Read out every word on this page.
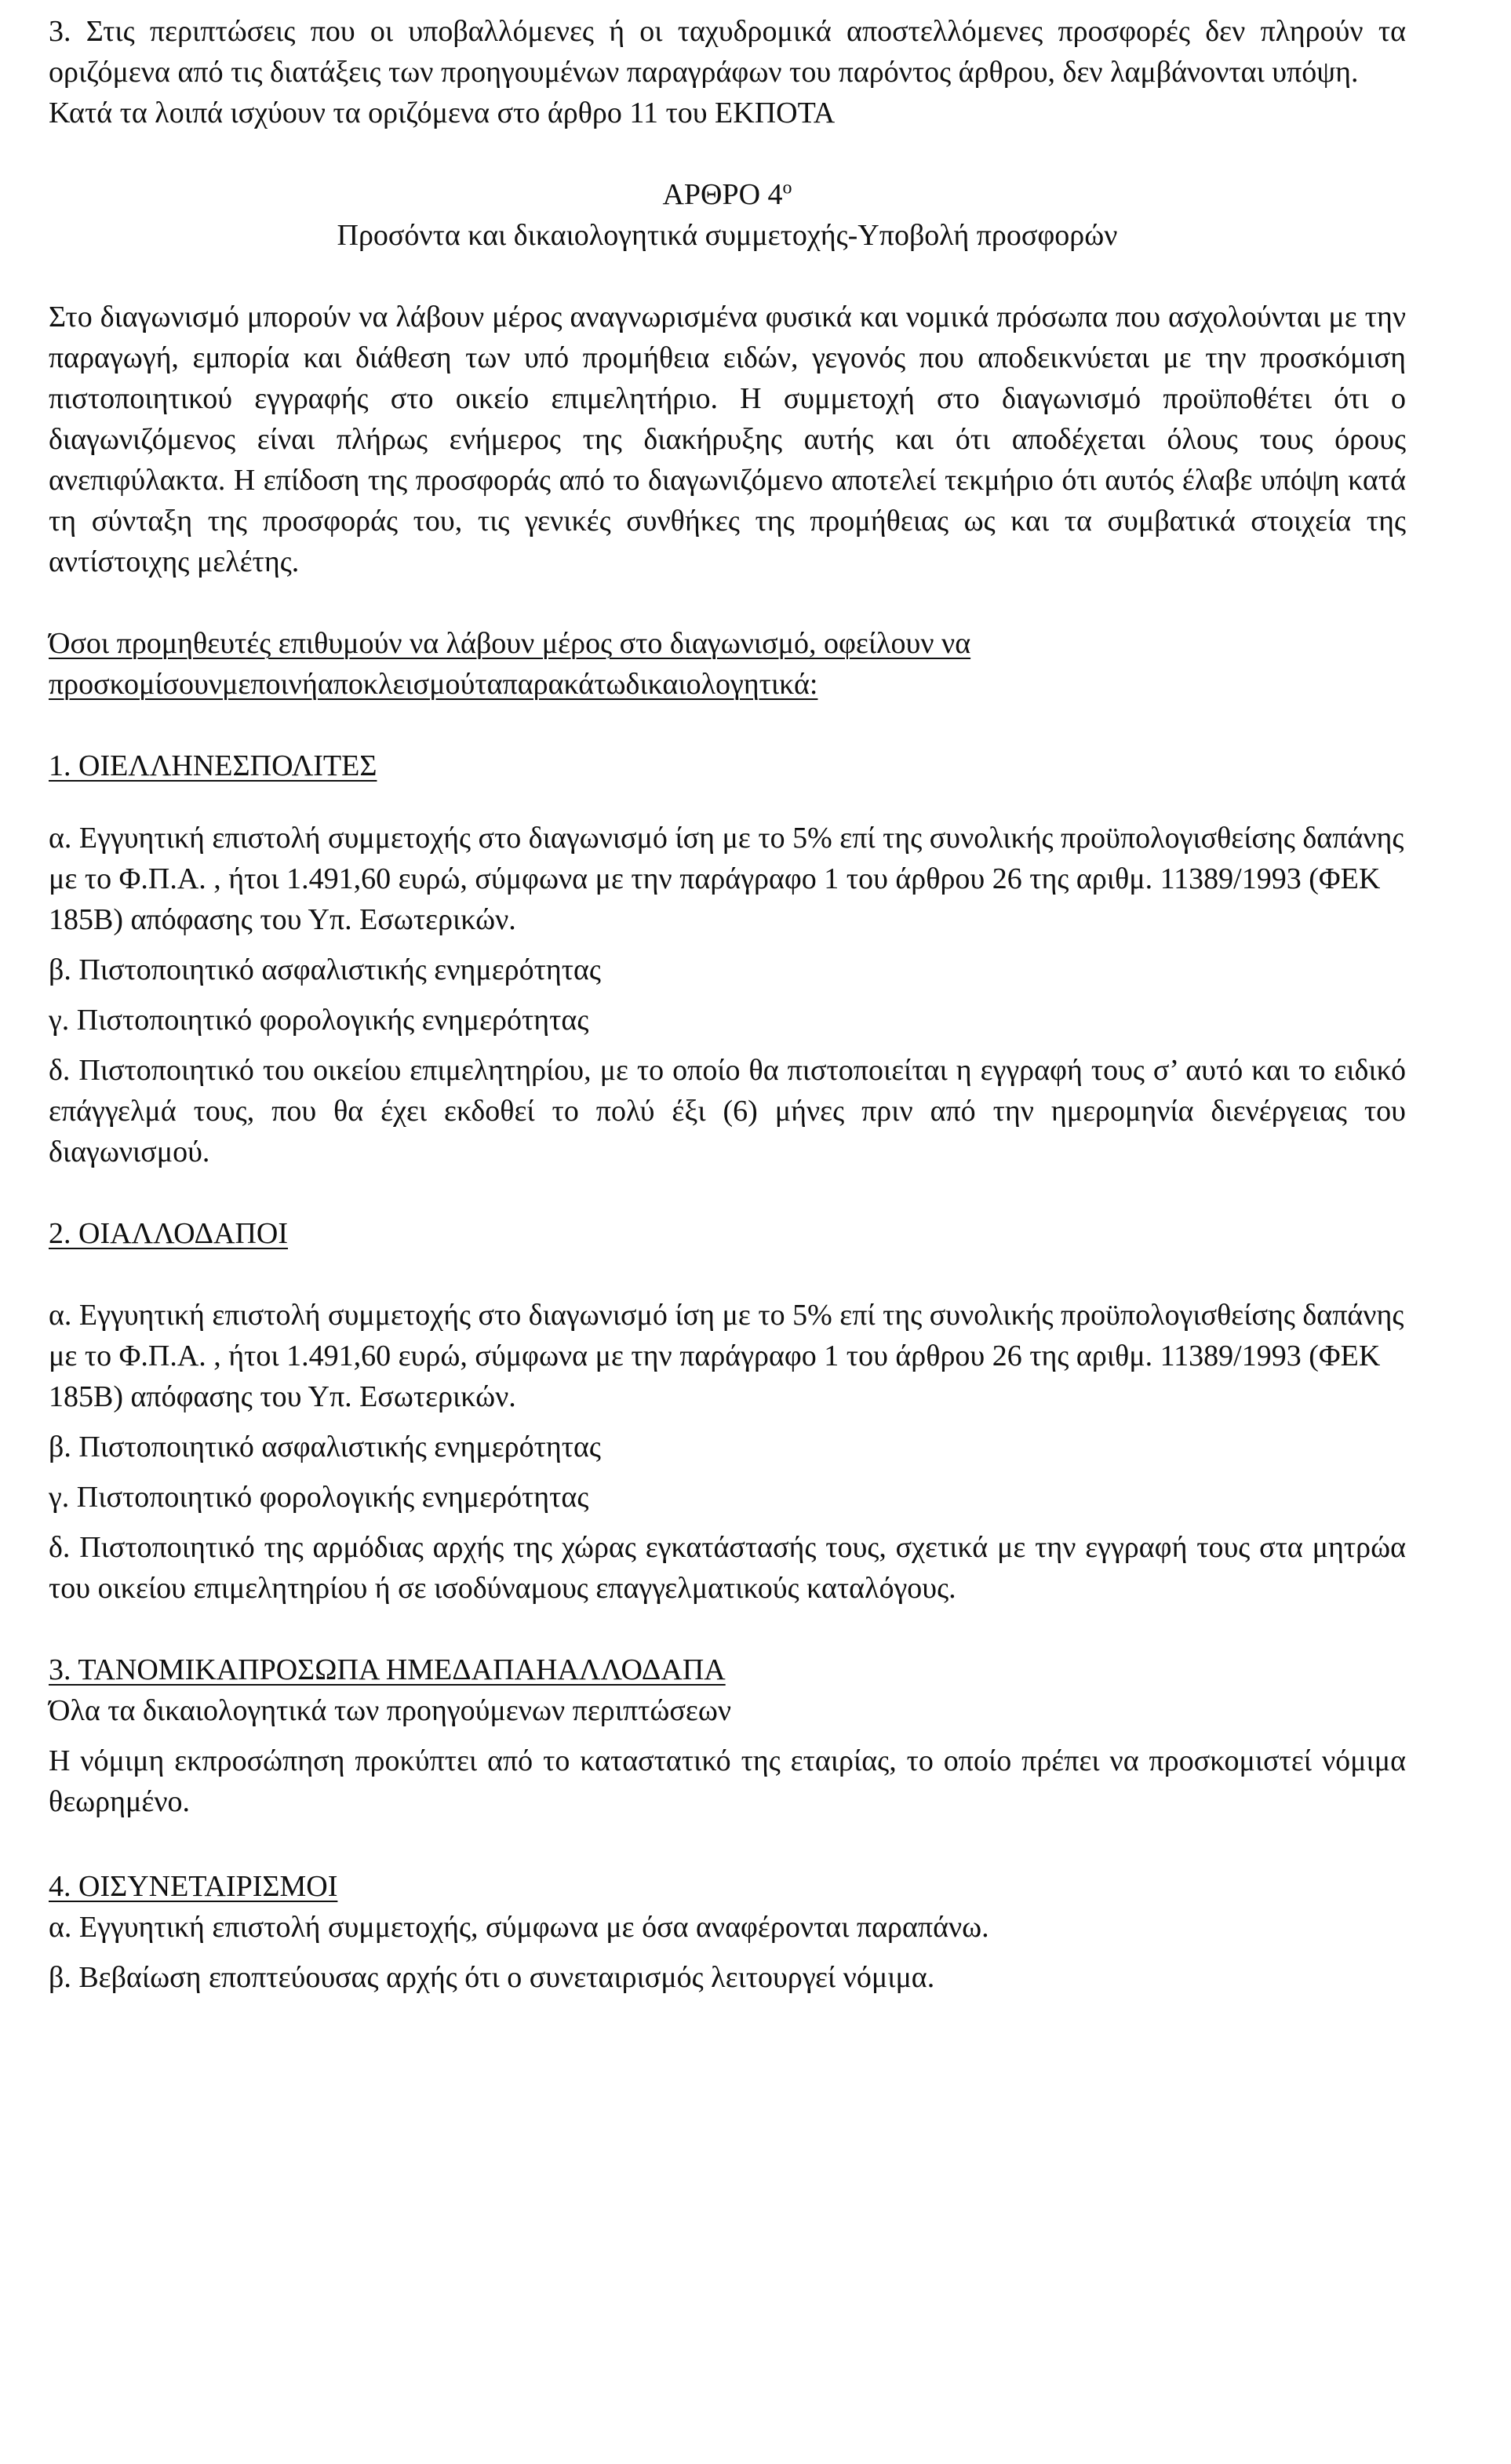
3. Στις περιπτώσεις που οι υποβαλλόμενες ή οι ταχυδρομικά αποστελλόμενες προσφορές δεν πληρούν τα οριζόμενα από τις διατάξεις των προηγουμένων παραγράφων του παρόντος άρθρου, δεν λαμβάνονται υπόψη.

Κατά τα λοιπά ισχύουν τα οριζόμενα στο άρθρο 11 του ΕΚΠΟΤΑ

ΑΡΘΡΟ $4^o$

Προσόντα και δικαιολογητικά συμμετοχής-Υποβολή προσφορών

Στο διαγωνισμό μπορούν να λάβουν μέρος αναγνωρισμένα φυσικά και νομικά πρόσωπα που ασχολούνται με την παραγωγή, εμπορία και διάθεση των υπό προμήθεια ειδών, γεγονός που αποδεικνύεται με την προσκόμιση πιστοποιητικού εγγραφής στο οικείο επιμελητήριο. Η συμμετοχή στο διαγωνισμό προϋποθέτει ότι ο διαγωνιζόμενος είναι πλήρως ενήμερος της διακήρυξης αυτής και ότι αποδέχεται όλους τους όρους ανεπιφύλακτα. Η επίδοση της προσφοράς από το διαγωνιζόμενο αποτελεί τεκμήριο ότι αυτός έλαβε υπόψη κατά τη σύνταξη της προσφοράς του, τις γενικές συνθήκες της προμήθειας ως και τα συμβατικά στοιχεία της αντίστοιχης μελέτης.

Όσοι προμηθευτές επιθυμούν να λάβουν μέρος στο διαγωνισμό, οφείλουν να

προσκομίσουνμεποινήαποκλεισμούταπαρακάτωδικαιολογητικά:

1. ΟΙΕΛΛΗΝΕΣΠΟΛΙΤΕΣ

α. Εγγυητική επιστολή συμμετοχής στο διαγωνισμό ίση με το 5% επί της συνολικής προϋπολογισθείσης δαπάνης με το Φ.Π.Α. , ήτοι 1.491,60 ευρώ, σύμφωνα με την παράγραφο 1 του άρθρου 26 της αριθμ. 11389/1993 (ΦΕΚ 185Β) απόφασης του Υπ. Εσωτερικών.

β. Πιστοποιητικό ασφαλιστικής ενημερότητας

γ. Πιστοποιητικό φορολογικής ενημερότητας

δ. Πιστοποιητικό του οικείου επιμελητηρίου, με το οποίο θα πιστοποιείται η εγγραφή τους σ’ αυτό και το ειδικό επάγγελμά τους, που θα έχει εκδοθεί το πολύ έξι (6) μήνες πριν από την ημερομηνία διενέργειας του διαγωνισμού.

2. ΟΙΑΛΛΟΔΑΠΟΙ

α. Εγγυητική επιστολή συμμετοχής στο διαγωνισμό ίση με το 5% επί της συνολικής προϋπολογισθείσης δαπάνης με το Φ.Π.Α. , ήτοι 1.491,60 ευρώ, σύμφωνα με την παράγραφο 1 του άρθρου 26 της αριθμ. 11389/1993 (ΦΕΚ 185Β) απόφασης του Υπ. Εσωτερικών.

β. Πιστοποιητικό ασφαλιστικής ενημερότητας

γ. Πιστοποιητικό φορολογικής ενημερότητας

δ. Πιστοποιητικό της αρμόδιας αρχής της χώρας εγκατάστασής τους, σχετικά με την εγγραφή τους στα μητρώα του οικείου επιμελητηρίου ή σε ισοδύναμους επαγγελματικούς καταλόγους.

3. ΤΑΝΟΜΙΚΑΠΡΟΣΩΠΑ ΗΜΕΔΑΠΑΗΑΛΛΟΔΑΠΑ

Όλα τα δικαιολογητικά των προηγούμενων περιπτώσεων

Η νόμιμη εκπροσώπηση προκύπτει από το καταστατικό της εταιρίας, το οποίο πρέπει να προσκομιστεί νόμιμα θεωρημένο.

4. ΟΙΣΥΝΕΤΑΙΡΙΣΜΟΙ

α. Εγγυητική επιστολή συμμετοχής, σύμφωνα με όσα αναφέρονται παραπάνω.

β. Βεβαίωση εποπτεύουσας αρχής ότι ο συνεταιρισμός λειτουργεί νόμιμα.
